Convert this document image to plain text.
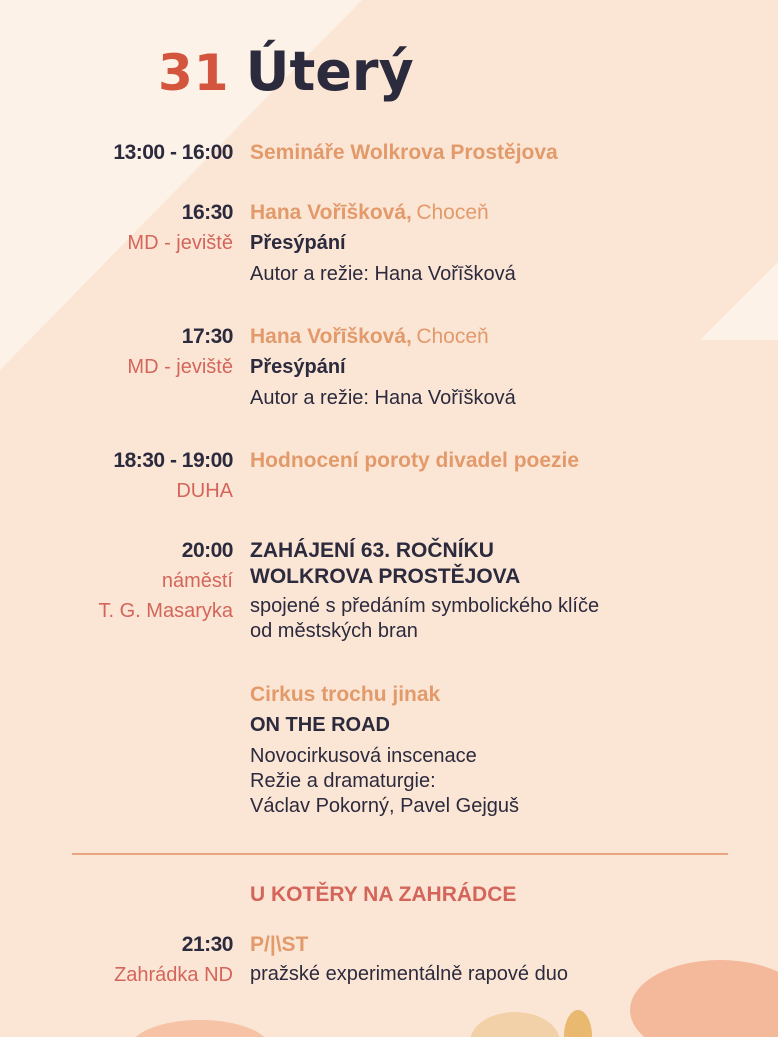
31 Úterý
13:00 - 16:00 Semináře Wolkrova Prostějova
16:30
MD - jeviště
Hana Vořīšková, Choceň
Přesýpání
Autor a režie: Hana Vořīšková
17:30
MD - jeviště
Hana Vořīšková, Choceň
Přesýpání
Autor a režie: Hana Vořīšková
18:30 - 19:00
DUHA
Hodnocení poroty divadel poezie
20:00
náměstí
T. G. Masaryka
ZAHÁJENÍ 63. ROČNÍKU
WOLKROVA PROSTĚJOVA
spojené s předáním symbolického klíče
od městských bran
Cirkus trochu jinak
ON THE ROAD
Novocirkusová inscenace
Režie a dramaturgie:
Václav Pokorný, Pavel Gejguš
U KOTĚRY NA ZAHRÁDCE
21:30
Zahrádka ND
P/|\ST
pražské experimentálně rapové duo
